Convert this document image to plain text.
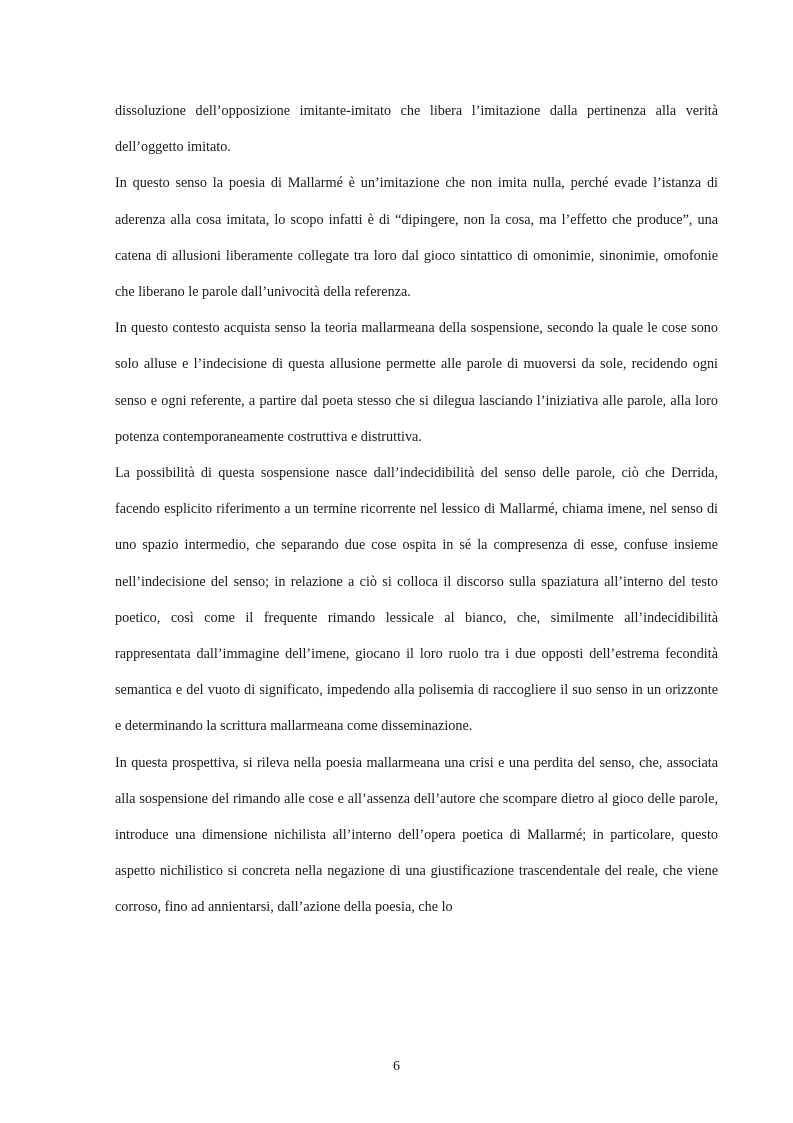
dissoluzione dell’opposizione imitante-imitato che libera l’imitazione dalla pertinenza alla verità dell’oggetto imitato.

In questo senso la poesia di Mallarmé è un’imitazione che non imita nulla, perché evade l’istanza di aderenza alla cosa imitata, lo scopo infatti è di “dipingere, non la cosa, ma l’effetto che produce”, una catena di allusioni liberamente collegate tra loro dal gioco sintattico di omonimie, sinonimie, omofonie che liberano le parole dall’univocità della referenza.

In questo contesto acquista senso la teoria mallarmeana della sospensione, secondo la quale le cose sono solo alluse e l’indecisione di questa allusione permette alle parole di muoversi da sole, recidendo ogni senso e ogni referente, a partire dal poeta stesso che si dilegua lasciando l’iniziativa alle parole, alla loro potenza contemporaneamente costruttiva e distruttiva.

La possibilità di questa sospensione nasce dall’indecidibilità del senso delle parole, ciò che Derrida, facendo esplicito riferimento a un termine ricorrente nel lessico di Mallarmé, chiama imene, nel senso di uno spazio intermedio, che separando due cose ospita in sé la compresenza di esse, confuse insieme nell’indecisione del senso; in relazione a ciò si colloca il discorso sulla spaziatura all’interno del testo poetico, così come il frequente rimando lessicale al bianco, che, similmente all’indecidibilità rappresentata dall’immagine dell’imene, giocano il loro ruolo tra i due opposti dell’estrema fecondità semantica e del vuoto di significato, impedendo alla polisemia di raccogliere il suo senso in un orizzonte e determinando la scrittura mallarmeana come disseminazione.

In questa prospettiva, si rileva nella poesia mallarmeana una crisi e una perdita del senso, che, associata alla sospensione del rimando alle cose e all’assenza dell’autore che scompare dietro al gioco delle parole, introduce una dimensione nichilista all’interno dell’opera poetica di Mallarmé; in particolare, questo aspetto nichilistico si concreta nella negazione di una giustificazione trascendentale del reale, che viene corroso, fino ad annientarsi, dall’azione della poesia, che lo

6
